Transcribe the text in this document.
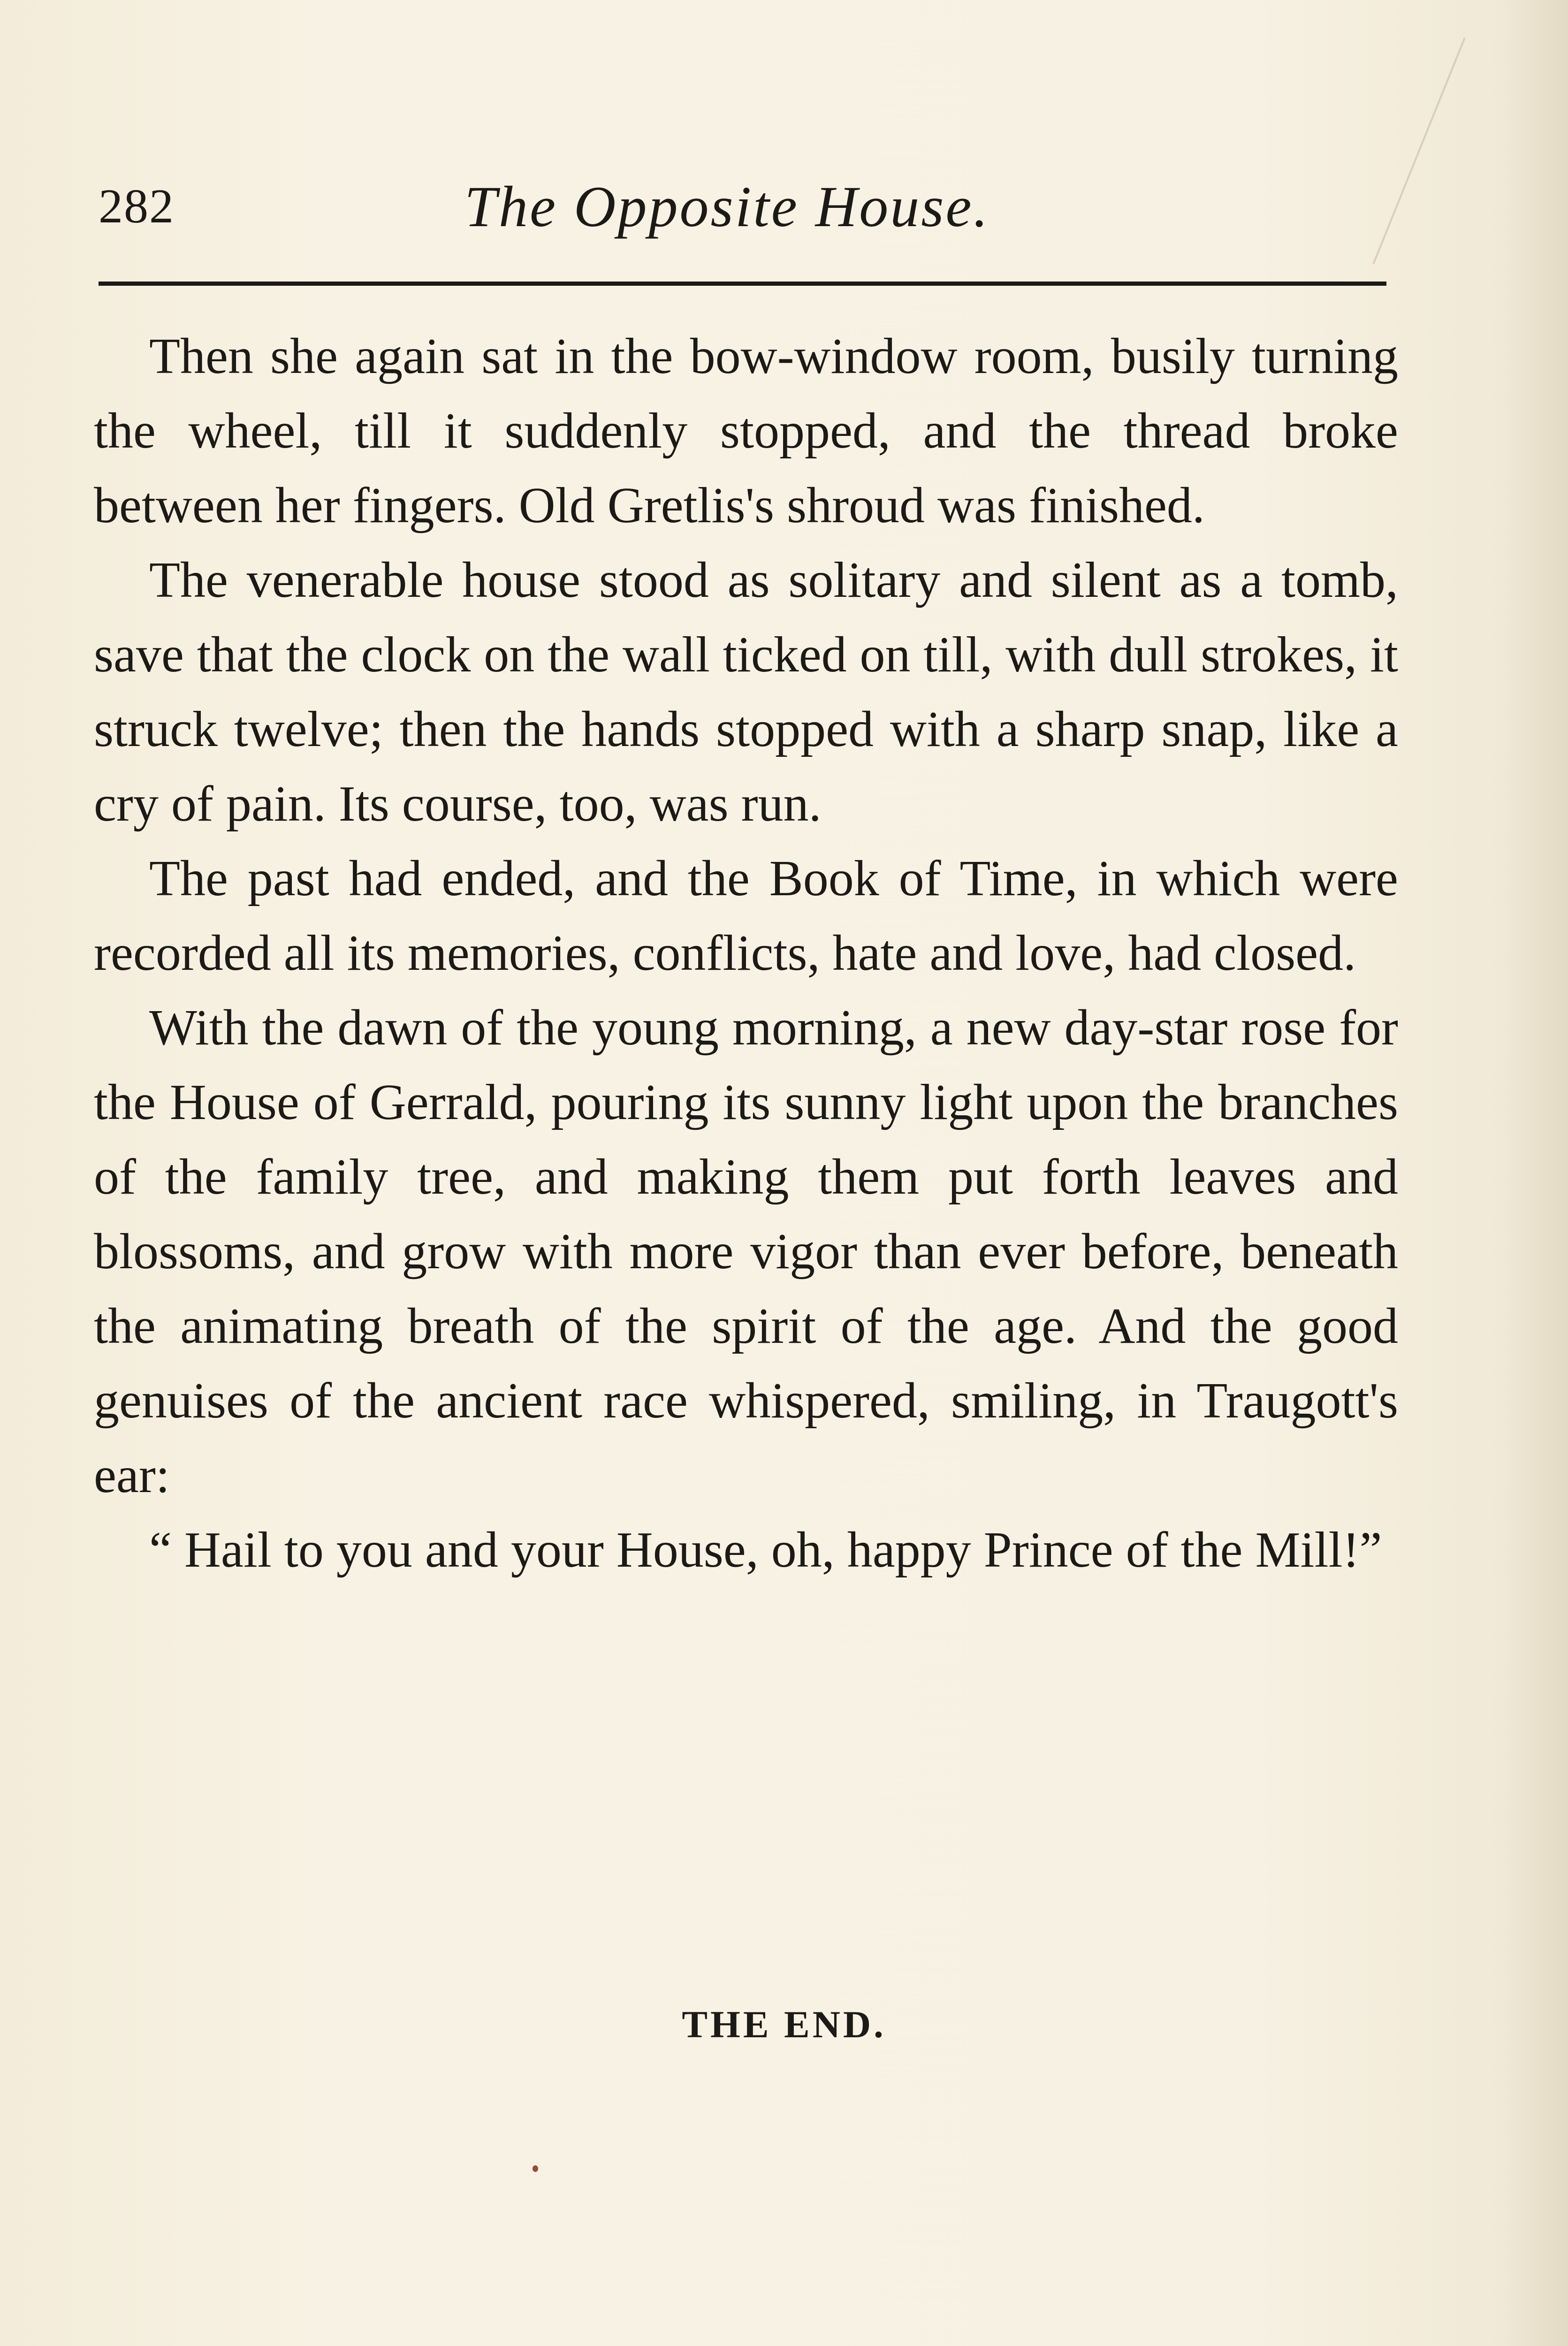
282	The Opposite House.

Then she again sat in the bow-window room, busily turning the wheel, till it suddenly stopped, and the thread broke between her fingers. Old Gretlis's shroud was finished.

The venerable house stood as solitary and silent as a tomb, save that the clock on the wall ticked on till, with dull strokes, it struck twelve; then the hands stopped with a sharp snap, like a cry of pain. Its course, too, was run.

The past had ended, and the Book of Time, in which were recorded all its memories, conflicts, hate and love, had closed.

With the dawn of the young morning, a new day-star rose for the House of Gerrald, pouring its sunny light upon the branches of the family tree, and making them put forth leaves and blossoms, and grow with more vigor than ever before, beneath the animating breath of the spirit of the age. And the good genuises of the ancient race whispered, smiling, in Traugott's ear:

“ Hail to you and your House, oh, happy Prince of the Mill!”

THE END.
